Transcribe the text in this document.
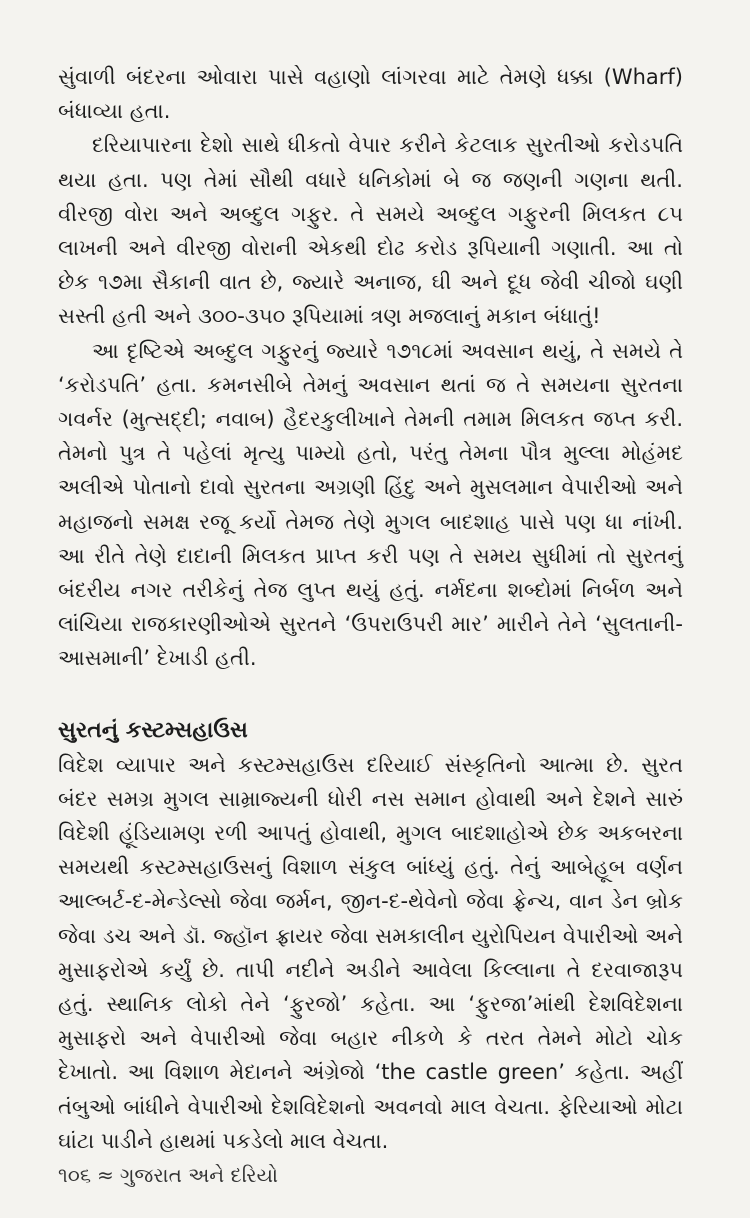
સુંવાળી બંદરના ઓવારા પાસે વહાણો લાંગરવા માટે તેમણે ધક્કા (Wharf) બંધાવ્યા હતા.

દરિયાપારના દેશો સાથે ધીકતો વેપાર કરીને કેટલાક સુરતીઓ કરોડપતિ થયા હતા. પણ તેમાં સૌથી વધારે ધનિકોમાં બે જ જણની ગણના થતી. વીરજી વોરા અને અબ્દુલ ગફુર. તે સમયે અબ્દુલ ગફુરની મિલકત ૮૫ લાખની અને વીરજી વોરાની એકથી દોઢ કરોડ રૂપિયાની ગણાતી. આ તો છેક ૧૭મા સૈકાની વાત છે, જ્યારે અનાજ, ઘી અને દૂધ જેવી ચીજો ઘણી સસ્તી હતી અને ૩૦૦-૩૫૦ રૂપિયામાં ત્રણ મજલાનું મકાન બંધાતું!

આ દૃષ્ટિએ અબ્દુલ ગફુરનું જ્યારે ૧૭૧૮માં અવસાન થયું, તે સમયે તે ‘કરોડપતિ’ હતા. કમનસીબે તેમનું અવસાન થતાં જ તે સમયના સુરતના ગવર્નર (મુત્સદ્દી; નવાબ) હૈદરકુલીખાને તેમની તમામ મિલકત જપ્ત કરી. તેમનો પુત્ર તે પહેલાં મૃત્યુ પામ્યો હતો, પરંતુ તેમના પૌત્ર મુલ્લા મોહંમદ અલીએ પોતાનો દાવો સુરતના અગ્રણી હિંદુ અને મુસલમાન વેપારીઓ અને મહાજનો સમક્ષ રજૂ કર્યો તેમજ તેણે મુગલ બાદશાહ પાસે પણ ધા નાંખી. આ રીતે તેણે દાદાની મિલકત પ્રાપ્ત કરી પણ તે સમય સુધીમાં તો સુરતનું બંદરીય નગર તરીકેનું તેજ લુપ્ત થયું હતું. નર્મદના શબ્દોમાં નિર્બળ અને લાંચિયા રાજકારણીઓએ સુરતને ‘ઉપરાઉપરી માર’ મારીને તેને ‘સુલતાની-આસમાની’ દેખાડી હતી.

સુરતનું કસ્ટમ્સહાઉસ

વિદેશ વ્યાપાર અને કસ્ટમ્સહાઉસ દરિયાઈ સંસ્કૃતિનો આત્મા છે. સુરત બંદર સમગ્ર મુગલ સામ્રાજ્યની ધોરી નસ સમાન હોવાથી અને દેશને સારું વિદેશી હૂંડિયામણ રળી આપતું હોવાથી, મુગલ બાદશાહોએ છેક અકબરના સમયથી કસ્ટમ્સહાઉસનું વિશાળ સંકુલ બાંધ્યું હતું. તેનું આબેહૂબ વર્ણન આલ્બર્ટ-દ-મેન્ડેલ્સો જેવા જર્મન, જીન-દ-થેવેનો જેવા ફ્રેન્ચ, વાન ડેન બ્રોક જેવા ડચ અને ડૉ. જ્હૉન ફ્રાયર જેવા સમકાલીન યુરોપિયન વેપારીઓ અને મુસાફરોએ કર્યું છે. તાપી નદીને અડીને આવેલા કિલ્લાના તે દરવાજારૂપ હતું. સ્થાનિક લોકો તેને ‘ફુરજો’ કહેતા. આ ‘ફુરજા’માંથી દેશવિદેશના મુસાફરો અને વેપારીઓ જેવા બહાર નીકળે કે તરત તેમને મોટો ચોક દેખાતો. આ વિશાળ મેદાનને અંગ્રેજો ‘the castle green’ કહેતા. અહીં તંબુઓ બાંધીને વેપારીઓ દેશવિદેશનો અવનવો માલ વેચતા. ફેરિયાઓ મોટા ઘાંટા પાડીને હાથમાં પકડેલો માલ વેચતા.

૧૦૬ ≈ ગુજરાત અને દરિયો
